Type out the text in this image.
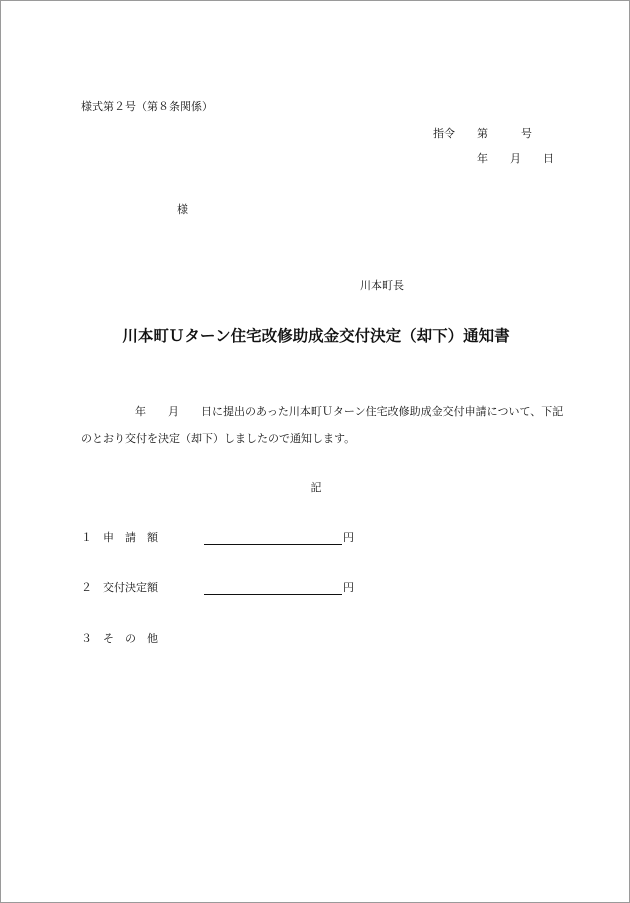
様式第２号（第８条関係）
指令　　第　　　号
年　　月　　日
様
川本町長
川本町Ｕターン住宅改修助成金交付決定（却下）通知書
年　　月　　日に提出のあった川本町Ｕターン住宅改修助成金交付申請について、下記
のとおり交付を決定（却下）しましたので通知します。
記
１　申　請　額	円
２　交付決定額	円
３　そ　の　他
